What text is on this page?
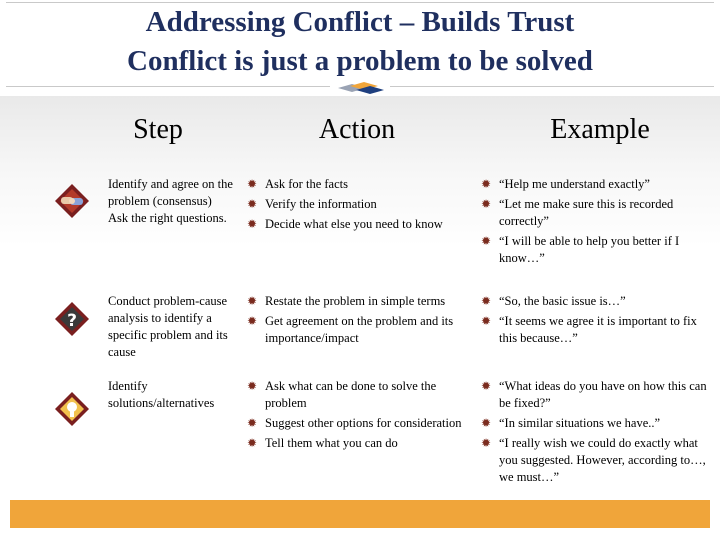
Addressing Conflict – Builds Trust
Conflict is just a problem to be solved
Step	Action	Example
Identify and agree on the problem (consensus) Ask the right questions.
✹ Ask for the facts
✹ Verify the information
✹ Decide what else you need to know
✹ “Help me understand exactly”
✹ “Let me make sure this is recorded correctly”
✹ “I will be able to help you better if I know…”
?
Conduct problem-cause analysis to identify a specific problem and its cause
✹ Restate the problem in simple terms
✹ Get agreement on the problem and its importance/impact
✹ “So, the basic issue is…”
✹ “It seems we agree it is important to fix this because…”
Identify solutions/alternatives
✹ Ask what can be done to solve the problem
✹ Suggest other options for consideration
✹ Tell them what you can do
✹ “What ideas do you have on how this can be fixed?”
✹ “In similar situations we have..”
✹ “I really wish we could do exactly what you suggested. However, according to…, we must…”
